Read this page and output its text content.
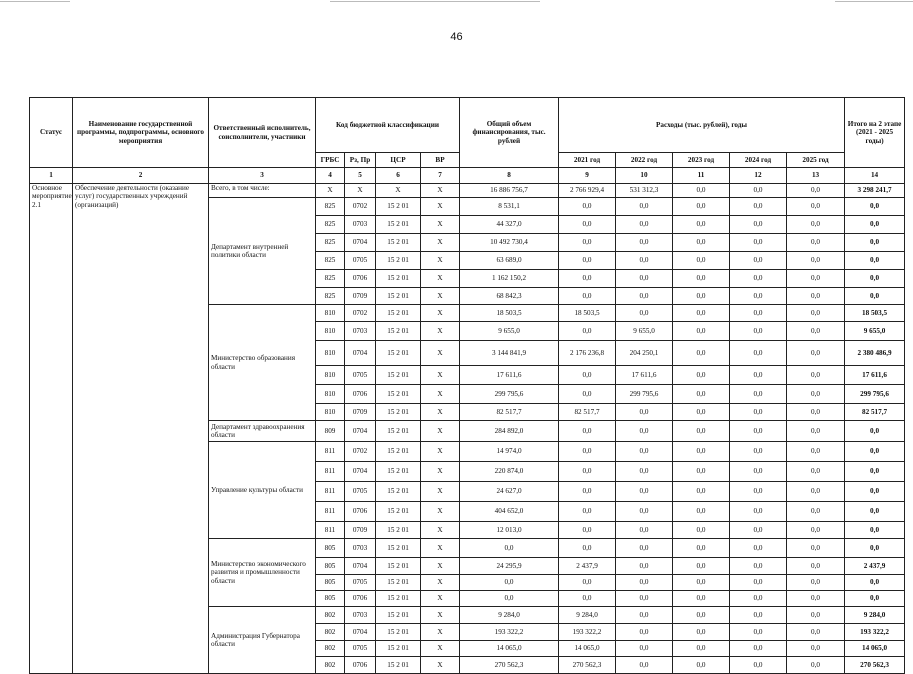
46
Статус	Наименование государственной программы, подпрограммы, основного мероприятия	Ответственный исполнитель, соисполнители, участники	Код бюджетной классификации				Общий объем финансирования, тыс. рублей	Расходы (тыс. рублей), годы					Итого на 2 этапе (2021 - 2025 годы)
			ГРБС	Рз, Пр	ЦСР	ВР		2021 год	2022 год	2023 год	2024 год	2025 год	
1	2	3	4	5	6	7	8	9	10	11	12	13	14
Основное мероприятие 2.1	Обеспечение деятельности (оказание услуг) государственных учреждений (организаций)	Всего, в том числе:	X	X	X	X	16 886 756,7	2 766 929,4	531 312,3	0,0	0,0	0,0	3 298 241,7
		Департамент внутренней политики области	825	0702	15 2 01	X	8 531,1	0,0	0,0	0,0	0,0	0,0	0,0
			825	0703	15 2 01	X	44 327,0	0,0	0,0	0,0	0,0	0,0	0,0
			825	0704	15 2 01	X	10 492 730,4	0,0	0,0	0,0	0,0	0,0	0,0
			825	0705	15 2 01	X	63 689,0	0,0	0,0	0,0	0,0	0,0	0,0
			825	0706	15 2 01	X	1 162 150,2	0,0	0,0	0,0	0,0	0,0	0,0
			825	0709	15 2 01	X	68 842,3	0,0	0,0	0,0	0,0	0,0	0,0
		Министерство образования области	810	0702	15 2 01	X	18 503,5	18 503,5	0,0	0,0	0,0	0,0	18 503,5
			810	0703	15 2 01	X	9 655,0	0,0	9 655,0	0,0	0,0	0,0	9 655,0
			810	0704	15 2 01	X	3 144 841,9	2 176 236,8	204 250,1	0,0	0,0	0,0	2 380 486,9
			810	0705	15 2 01	X	17 611,6	0,0	17 611,6	0,0	0,0	0,0	17 611,6
			810	0706	15 2 01	X	299 795,6	0,0	299 795,6	0,0	0,0	0,0	299 795,6
			810	0709	15 2 01	X	82 517,7	82 517,7	0,0	0,0	0,0	0,0	82 517,7
		Департамент здравоохранения области	809	0704	15 2 01	X	284 892,0	0,0	0,0	0,0	0,0	0,0	0,0
		Управление культуры области	811	0702	15 2 01	X	14 974,0	0,0	0,0	0,0	0,0	0,0	0,0
			811	0704	15 2 01	X	220 874,0	0,0	0,0	0,0	0,0	0,0	0,0
			811	0705	15 2 01	X	24 627,0	0,0	0,0	0,0	0,0	0,0	0,0
			811	0706	15 2 01	X	404 652,0	0,0	0,0	0,0	0,0	0,0	0,0
			811	0709	15 2 01	X	12 013,0	0,0	0,0	0,0	0,0	0,0	0,0
		Министерство экономического развития и промышленности области	805	0703	15 2 01	X	0,0	0,0	0,0	0,0	0,0	0,0	0,0
			805	0704	15 2 01	X	24 295,9	2 437,9	0,0	0,0	0,0	0,0	2 437,9
			805	0705	15 2 01	X	0,0	0,0	0,0	0,0	0,0	0,0	0,0
			805	0706	15 2 01	X	0,0	0,0	0,0	0,0	0,0	0,0	0,0
		Администрация Губернатора области	802	0703	15 2 01	X	9 284,0	9 284,0	0,0	0,0	0,0	0,0	9 284,0
			802	0704	15 2 01	X	193 322,2	193 322,2	0,0	0,0	0,0	0,0	193 322,2
			802	0705	15 2 01	X	14 065,0	14 065,0	0,0	0,0	0,0	0,0	14 065,0
			802	0706	15 2 01	X	270 562,3	270 562,3	0,0	0,0	0,0	0,0	270 562,3
